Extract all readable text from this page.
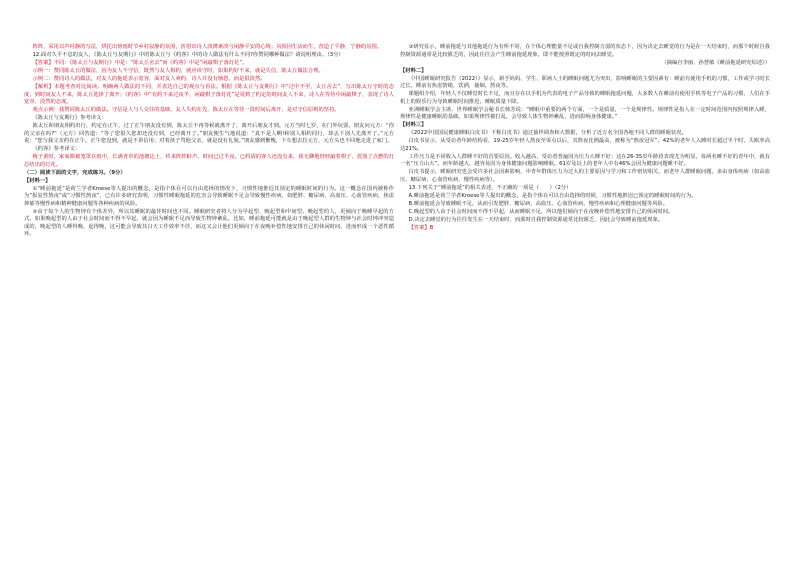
阵阵，采用以声衬静的写法，烘托出傍雨时节乡村寂静的氛围，折射出诗人淡薄素淡与闲静平安的心境；氛围因生活而生，营造了平静，宁静的氛围。

12.面对久平不息的友人，《陈太丘与友期行》中的陈太丘与《约客》中的诗人做法有什么不同?你赞同哪种做法？请说明理由。（3分）

【答案】不同：《陈太丘与友期行》中是：“陈太丘舍去”而《约客》中是“闲敲棋子落灯花”。

示例一：赞同陈太丘的做法，因为友人不守信，既然与友人相约，就应该守时，如果约好不来，就是失信，陈太丘做法合理。

示例二：赞同诗人的做法，对友人的拖延表示宽容，面对友人爽约，诗人并没有恼怒，而是很淡然。

【解析】本题考查对比阅读。明确两人做法的不同，并表达自己的观点与看法。根据《陈太丘与友期行》中“过中不至，太丘舍去”，写出陈太丘守时的态度，到时间友人不来，陈太丘选择了离开；《约客》中“有约不来过夜半，闲敲棋子落灯花”是说到了约定的时间友人不来，诗人在等待中闲敲棋子，表现了诗人宽容、淡然的态度。

观点示例：我赞同陈太丘的做法。守信是人与人交往的基础，友人失约在先，陈太丘在等待一段时间后离开，是对守信原则的坚持。

《陈太丘与友期行》参考译文：

陈太丘和朋友相约出行，约定在正午，过了正午朋友没有到，陈太丘不再等候就离开了，离开后朋友才到。元方当时七岁，在门外玩耍。朋友问元方：“你的父亲在吗?”（元方）回答道：“等了您很久您却还没有到，已经离开了。”朋友便生气地说道：“真不是人啊!和别人相约同行，却丢下别人先离开了。”元方说：“您与我父亲约在正午。正午您没到，就是不讲信用；对着孩子骂他父亲，就是没有礼貌。”朋友感到惭愧，下车想去拉元方，元方头也不回地走进了家门。

《约客》参考译文：

梅子黄时，家家都被笼罩在雨中，长满青草的池塘边上，传来阵阵蛙声。时间已过半夜，已约请的客人还没有来，我无聊地轻轻敲着棋子，震落了点燃的灯芯结出的灯花。

（二）阅读下面的文字，完成练习。（9分）

【材料一】

①“睡前拖延”是荷兰学者Kroese等人提出的概念，是指个体在可以自由选择的情况下，习惯性地推迟其预定的睡眠时间的行为。这一概念在国内被称作为“报复性熬夜”或“习惯性熬夜”，已有许多研究表明，习惯性睡眠拖延的危害会导致睡眠不足会导致慢性疾病，如肥胖、糖尿病、高血压、心血管疾病，焦虑抑郁等慢性病和精神健康问题等各种疾病的风险。

②由于每个人的生物钟有个体差异，所以其睡眠的最佳时间也不同。睡眠研究者将人分为早起型、晚起型和中间型。晚起型的人，更倾向于晚睡早起的方式。如果晚起型的人由于社会时间而不得不早起，就会因为睡眠不足而导致生物钟紊乱。比如，睡前拖延可能就是由于晚起型人群的生物钟与社会时钟冲突造成的，晚起型的人睡得晚，起得晚，这可能会导致其白天工作效率不佳，而这又会让他们更倾向于在夜晚补偿性地安排自己的休闲时间，进而形成一个恶性循环。

③研究显示，睡前拖延与其他拖延行为有所不同，在个体心理能量不足或自我控制力弱的状态下，因为决定去睡觉的行为是在一天结束时，而那个时候自我控制资源通常是比较匮乏的，因此往往会产生睡前拖延现象，即不能按照既定的时间去睡觉。

（摘编自李丽、孙慧敏《睡前拖延研究综述》）

【材料二】

《中国睡眠研究报告（2022）》显示，新手妈妈、学生、职场人士的睡眠问题尤为突出，影响睡眠的主要因素有：睡前有使用手机的习惯，工作或学习时长过长，睡前有焦虑情绪，饮酒，抽烟，熬夜等。

课题组介绍，年轻人不仅睡觉时长不足，而且存在以手机为代表的电子产品导致的睡眠拖延问题，大多数人在睡前有使用手机等电子产品的习惯，人们在手机上的娱乐行为导致睡眠时间推迟，睡眠质量下降。

亚洲睡眠学会主席、世界睡眠学会秘书长韩芳说：“睡眠中重要的两个方面，一个是质量，一个是规律性。规律性是指人在一定时间范围内按照规律入睡，规律性是健康睡眠的基础。如果规律性被打乱，会导致人体生物钟紊乱，进而影响身体健康。”

【材料三】

《2022中国国民健康睡眠白皮书》下称白皮书》通过抽样调查和大数据，分析了近万名全国各地不同人群的睡眠状况。

白皮书显示，从受访者年龄结构看，19-25岁年轻人熬夜至零点以后，其熬夜比例最高，被称为“熬夜冠军”。42%的老年人入睡时长超过半个时，失眠率高达21%。

工作压力是不同收入人群睡不好的首要原因。收入越高，受访者普遍因为压力大睡不好；这在26-35岁年龄段表现尤为明显。每两名睡不好的青年中，就有一名“压力山大”。而年龄越大，越容易因为身体健康问题影响睡眠。61岁及以上的老年人中有46%会因为健康问题睡不好。

白皮书提示，睡眠研究也会受许多社会因素影响，中青年群体压力为过大的主要原因与学习和工作密切相关，而老年人群睡眠问题，多由身体疾病（如高血压、糖尿病、心血管疾病、慢性疾病等）。

13.下列关于“睡前拖延”的相关表述，不正确的一项是（　　）（2分）

A.睡前拖延是荷兰学者Kroese等人提出的概念，是指个体在可以自由选择的时候，习惯性地推迟已预定的睡眠时间的行为。

B.睡前拖延会导致睡眠不足，从而引发肥胖、糖尿病、高血压、心血管疾病、慢性疾病和心理健康问题等风险。

C.晚起型的人由于社会时间而不得不早起，从而睡眠不足，所以他们倾向于在夜晚补偿性地安排自己的休闲时间。

D.决定去睡觉的行为往往发生在一天结束时，而那时自我控制资源通常比较匮乏，因此会导致睡前拖延现象。

【答案】B
